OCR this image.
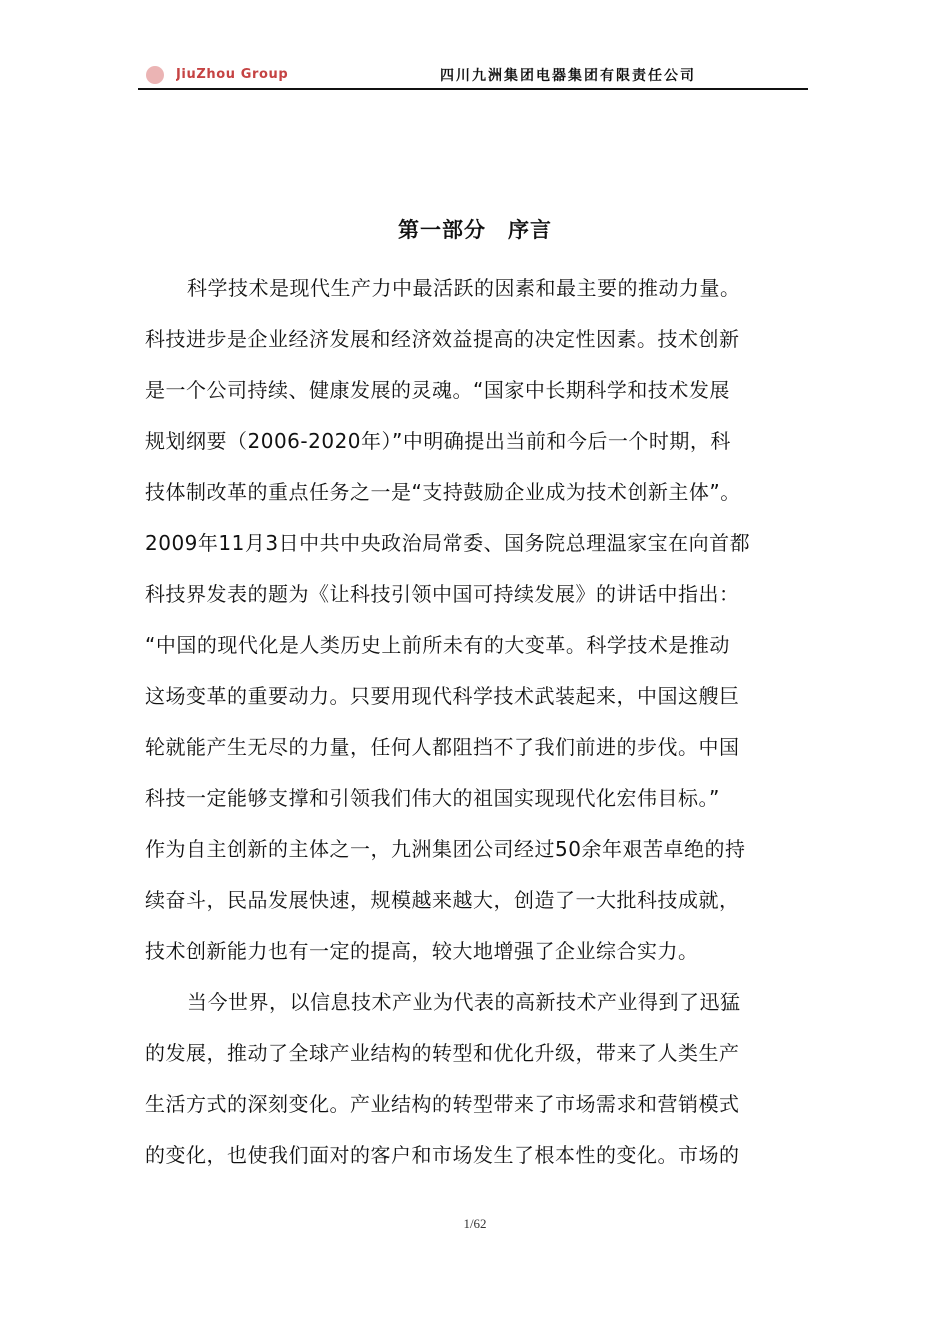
JiuZhou Group	四川九洲集团电器集团有限责任公司
第一部分　序言
科学技术是现代生产力中最活跃的因素和最主要的推动力量。
科技进步是企业经济发展和经济效益提高的决定性因素。技术创新
是一个公司持续、健康发展的灵魂。“国家中长期科学和技术发展
规划纲要（2006-2020年）”中明确提出当前和今后一个时期，科
技体制改革的重点任务之一是“支持鼓励企业成为技术创新主体”。
2009年11月3日中共中央政治局常委、国务院总理温家宝在向首都
科技界发表的题为《让科技引领中国可持续发展》的讲话中指出：
“中国的现代化是人类历史上前所未有的大变革。科学技术是推动
这场变革的重要动力。只要用现代科学技术武装起来，中国这艘巨
轮就能产生无尽的力量，任何人都阻挡不了我们前进的步伐。中国
科技一定能够支撑和引领我们伟大的祖国实现现代化宏伟目标。”
作为自主创新的主体之一，九洲集团公司经过50余年艰苦卓绝的持
续奋斗，民品发展快速，规模越来越大，创造了一大批科技成就，
技术创新能力也有一定的提高，较大地增强了企业综合实力。
当今世界，以信息技术产业为代表的高新技术产业得到了迅猛
的发展，推动了全球产业结构的转型和优化升级，带来了人类生产
生活方式的深刻变化。产业结构的转型带来了市场需求和营销模式
的变化，也使我们面对的客户和市场发生了根本性的变化。市场的
1/62
